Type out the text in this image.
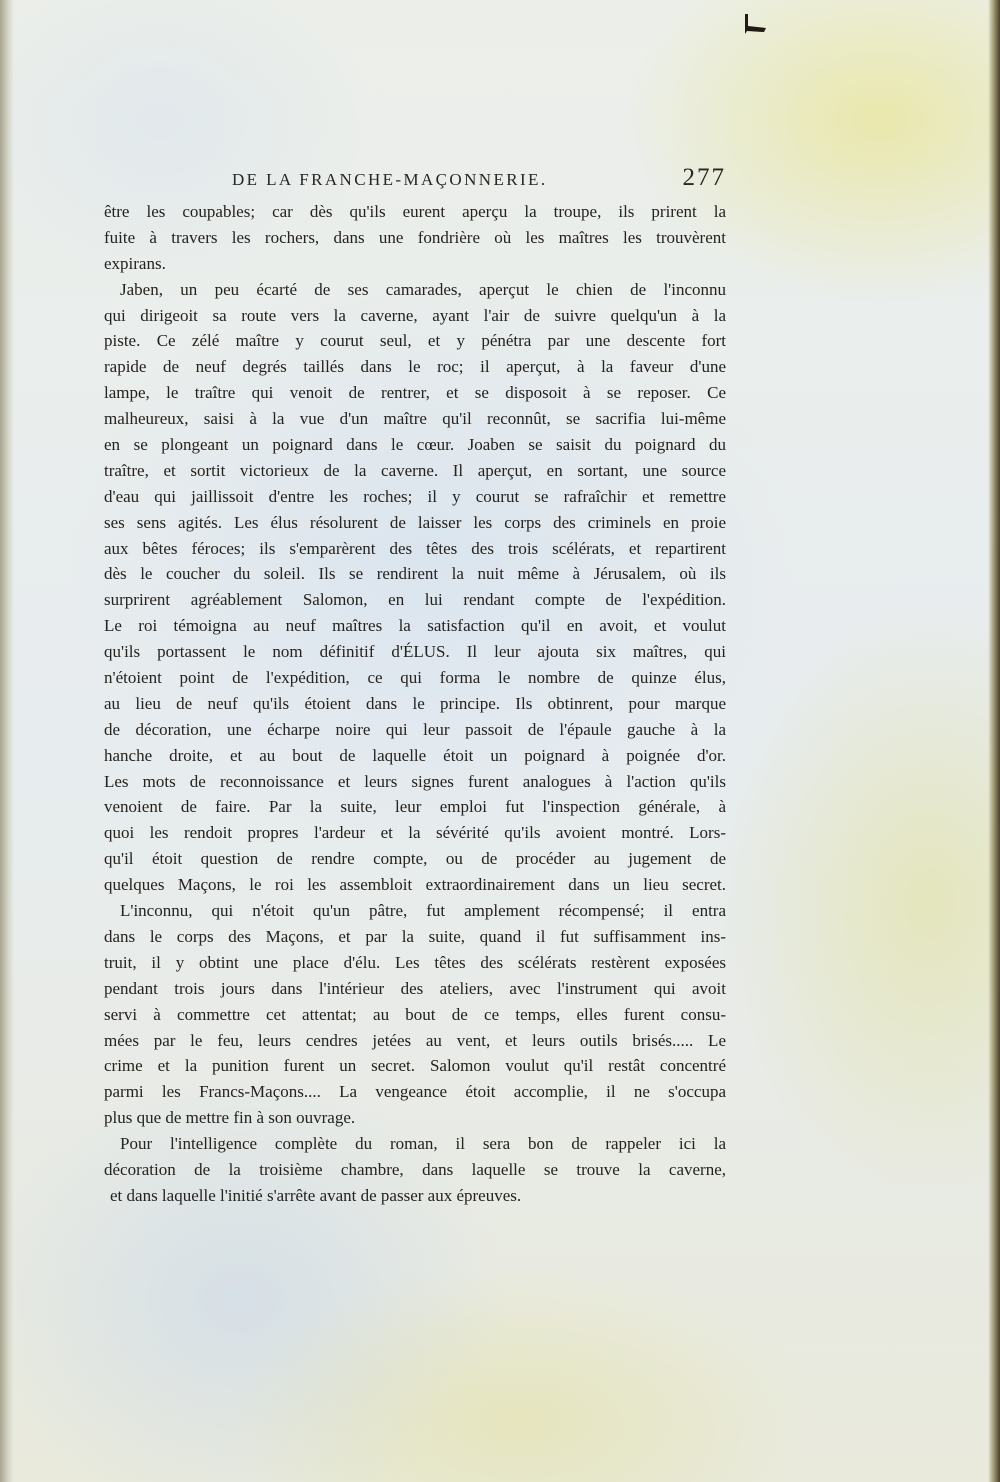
DE LA FRANCHE-MAÇONNERIE.	277
être les coupables; car dès qu'ils eurent aperçu la troupe, ils prirent la
fuite à travers les rochers, dans une fondrière où les maîtres les trouvèrent
expirans.
Jaben, un peu écarté de ses camarades, aperçut le chien de l'inconnu
qui dirigeoit sa route vers la caverne, ayant l'air de suivre quelqu'un à la
piste. Ce zélé maître y courut seul, et y pénétra par une descente fort
rapide de neuf degrés taillés dans le roc; il aperçut, à la faveur d'une
lampe, le traître qui venoit de rentrer, et se disposoit à se reposer. Ce
malheureux, saisi à la vue d'un maître qu'il reconnût, se sacrifia lui-même
en se plongeant un poignard dans le cœur. Joaben se saisit du poignard du
traître, et sortit victorieux de la caverne. Il aperçut, en sortant, une source
d'eau qui jaillissoit d'entre les roches; il y courut se rafraîchir et remettre
ses sens agités. Les élus résolurent de laisser les corps des criminels en proie
aux bêtes féroces; ils s'emparèrent des têtes des trois scélérats, et repartirent
dès le coucher du soleil. Ils se rendirent la nuit même à Jérusalem, où ils
surprirent agréablement Salomon, en lui rendant compte de l'expédition.
Le roi témoigna au neuf maîtres la satisfaction qu'il en avoit, et voulut
qu'ils portassent le nom définitif d'ÉLUS. Il leur ajouta six maîtres, qui
n'étoient point de l'expédition, ce qui forma le nombre de quinze élus,
au lieu de neuf qu'ils étoient dans le principe. Ils obtinrent, pour marque
de décoration, une écharpe noire qui leur passoit de l'épaule gauche à la
hanche droite, et au bout de laquelle étoit un poignard à poignée d'or.
Les mots de reconnoissance et leurs signes furent analogues à l'action qu'ils
venoient de faire. Par la suite, leur emploi fut l'inspection générale, à
quoi les rendoit propres l'ardeur et la sévérité qu'ils avoient montré. Lors-
qu'il étoit question de rendre compte, ou de procéder au jugement de
quelques Maçons, le roi les assembloit extraordinairement dans un lieu secret.
L'inconnu, qui n'étoit qu'un pâtre, fut amplement récompensé; il entra
dans le corps des Maçons, et par la suite, quand il fut suffisamment ins-
truit, il y obtint une place d'élu. Les têtes des scélérats restèrent exposées
pendant trois jours dans l'intérieur des ateliers, avec l'instrument qui avoit
servi à commettre cet attentat; au bout de ce temps, elles furent consu-
mées par le feu, leurs cendres jetées au vent, et leurs outils brisés..... Le
crime et la punition furent un secret. Salomon voulut qu'il restât concentré
parmi les Francs-Maçons.... La vengeance étoit accomplie, il ne s'occupa
plus que de mettre fin à son ouvrage.
Pour l'intelligence complète du roman, il sera bon de rappeler ici la
décoration de la troisième chambre, dans laquelle se trouve la caverne,
et dans laquelle l'initié s'arrête avant de passer aux épreuves.
